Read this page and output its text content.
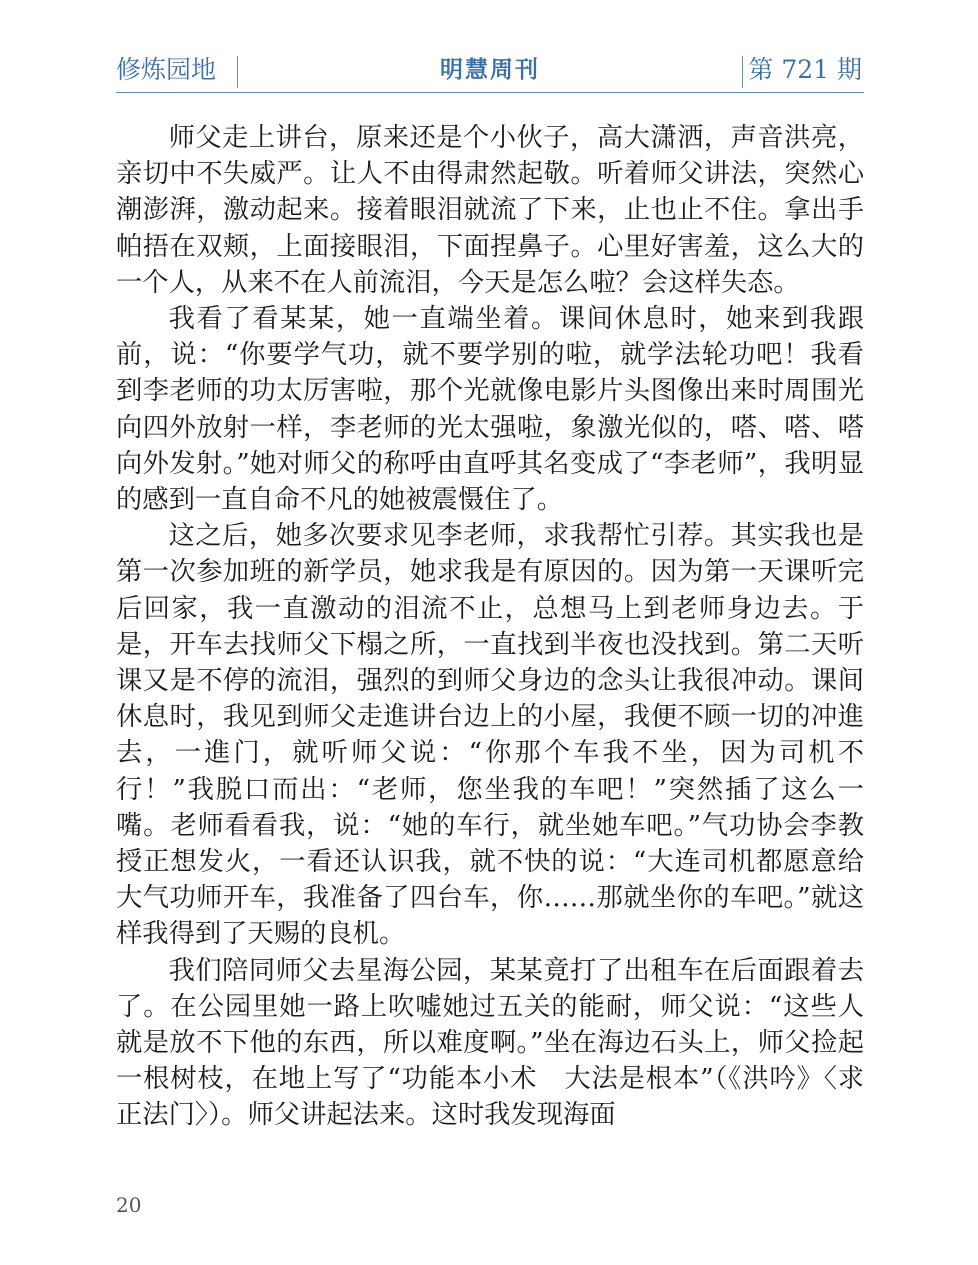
修炼园地	明慧周刊	第 721 期

师父走上讲台，原来还是个小伙子，高大潇洒，声音洪亮，亲切中不失威严。让人不由得肃然起敬。听着师父讲法，突然心潮澎湃，激动起来。接着眼泪就流了下来，止也止不住。拿出手帕捂在双颊，上面接眼泪，下面捏鼻子。心里好害羞，这么大的一个人，从来不在人前流泪，今天是怎么啦？会这样失态。

我看了看某某，她一直端坐着。课间休息时，她来到我跟前，说：“你要学气功，就不要学别的啦，就学法轮功吧！我看到李老师的功太厉害啦，那个光就像电影片头图像出来时周围光向四外放射一样，李老师的光太强啦，象激光似的，嗒、嗒、嗒向外发射。”她对师父的称呼由直呼其名变成了“李老师”，我明显的感到一直自命不凡的她被震慑住了。

这之后，她多次要求见李老师，求我帮忙引荐。其实我也是第一次参加班的新学员，她求我是有原因的。因为第一天课听完后回家，我一直激动的泪流不止，总想马上到老师身边去。于是，开车去找师父下榻之所，一直找到半夜也没找到。第二天听课又是不停的流泪，强烈的到师父身边的念头让我很冲动。课间休息时，我见到师父走進讲台边上的小屋，我便不顾一切的冲進去，一進门，就听师父说：“你那个车我不坐，因为司机不行！”我脱口而出：“老师，您坐我的车吧！”突然插了这么一嘴。老师看看我，说：“她的车行，就坐她车吧。”气功协会李教授正想发火，一看还认识我，就不快的说：“大连司机都愿意给大气功师开车，我准备了四台车，你……那就坐你的车吧。”就这样我得到了天赐的良机。

我们陪同师父去星海公园，某某竟打了出租车在后面跟着去了。在公园里她一路上吹嘘她过五关的能耐，师父说：“这些人就是放不下他的东西，所以难度啊。”坐在海边石头上，师父捡起一根树枝，在地上写了“功能本小术　大法是根本”（《洪吟》〈求正法门〉）。师父讲起法来。这时我发现海面

20
